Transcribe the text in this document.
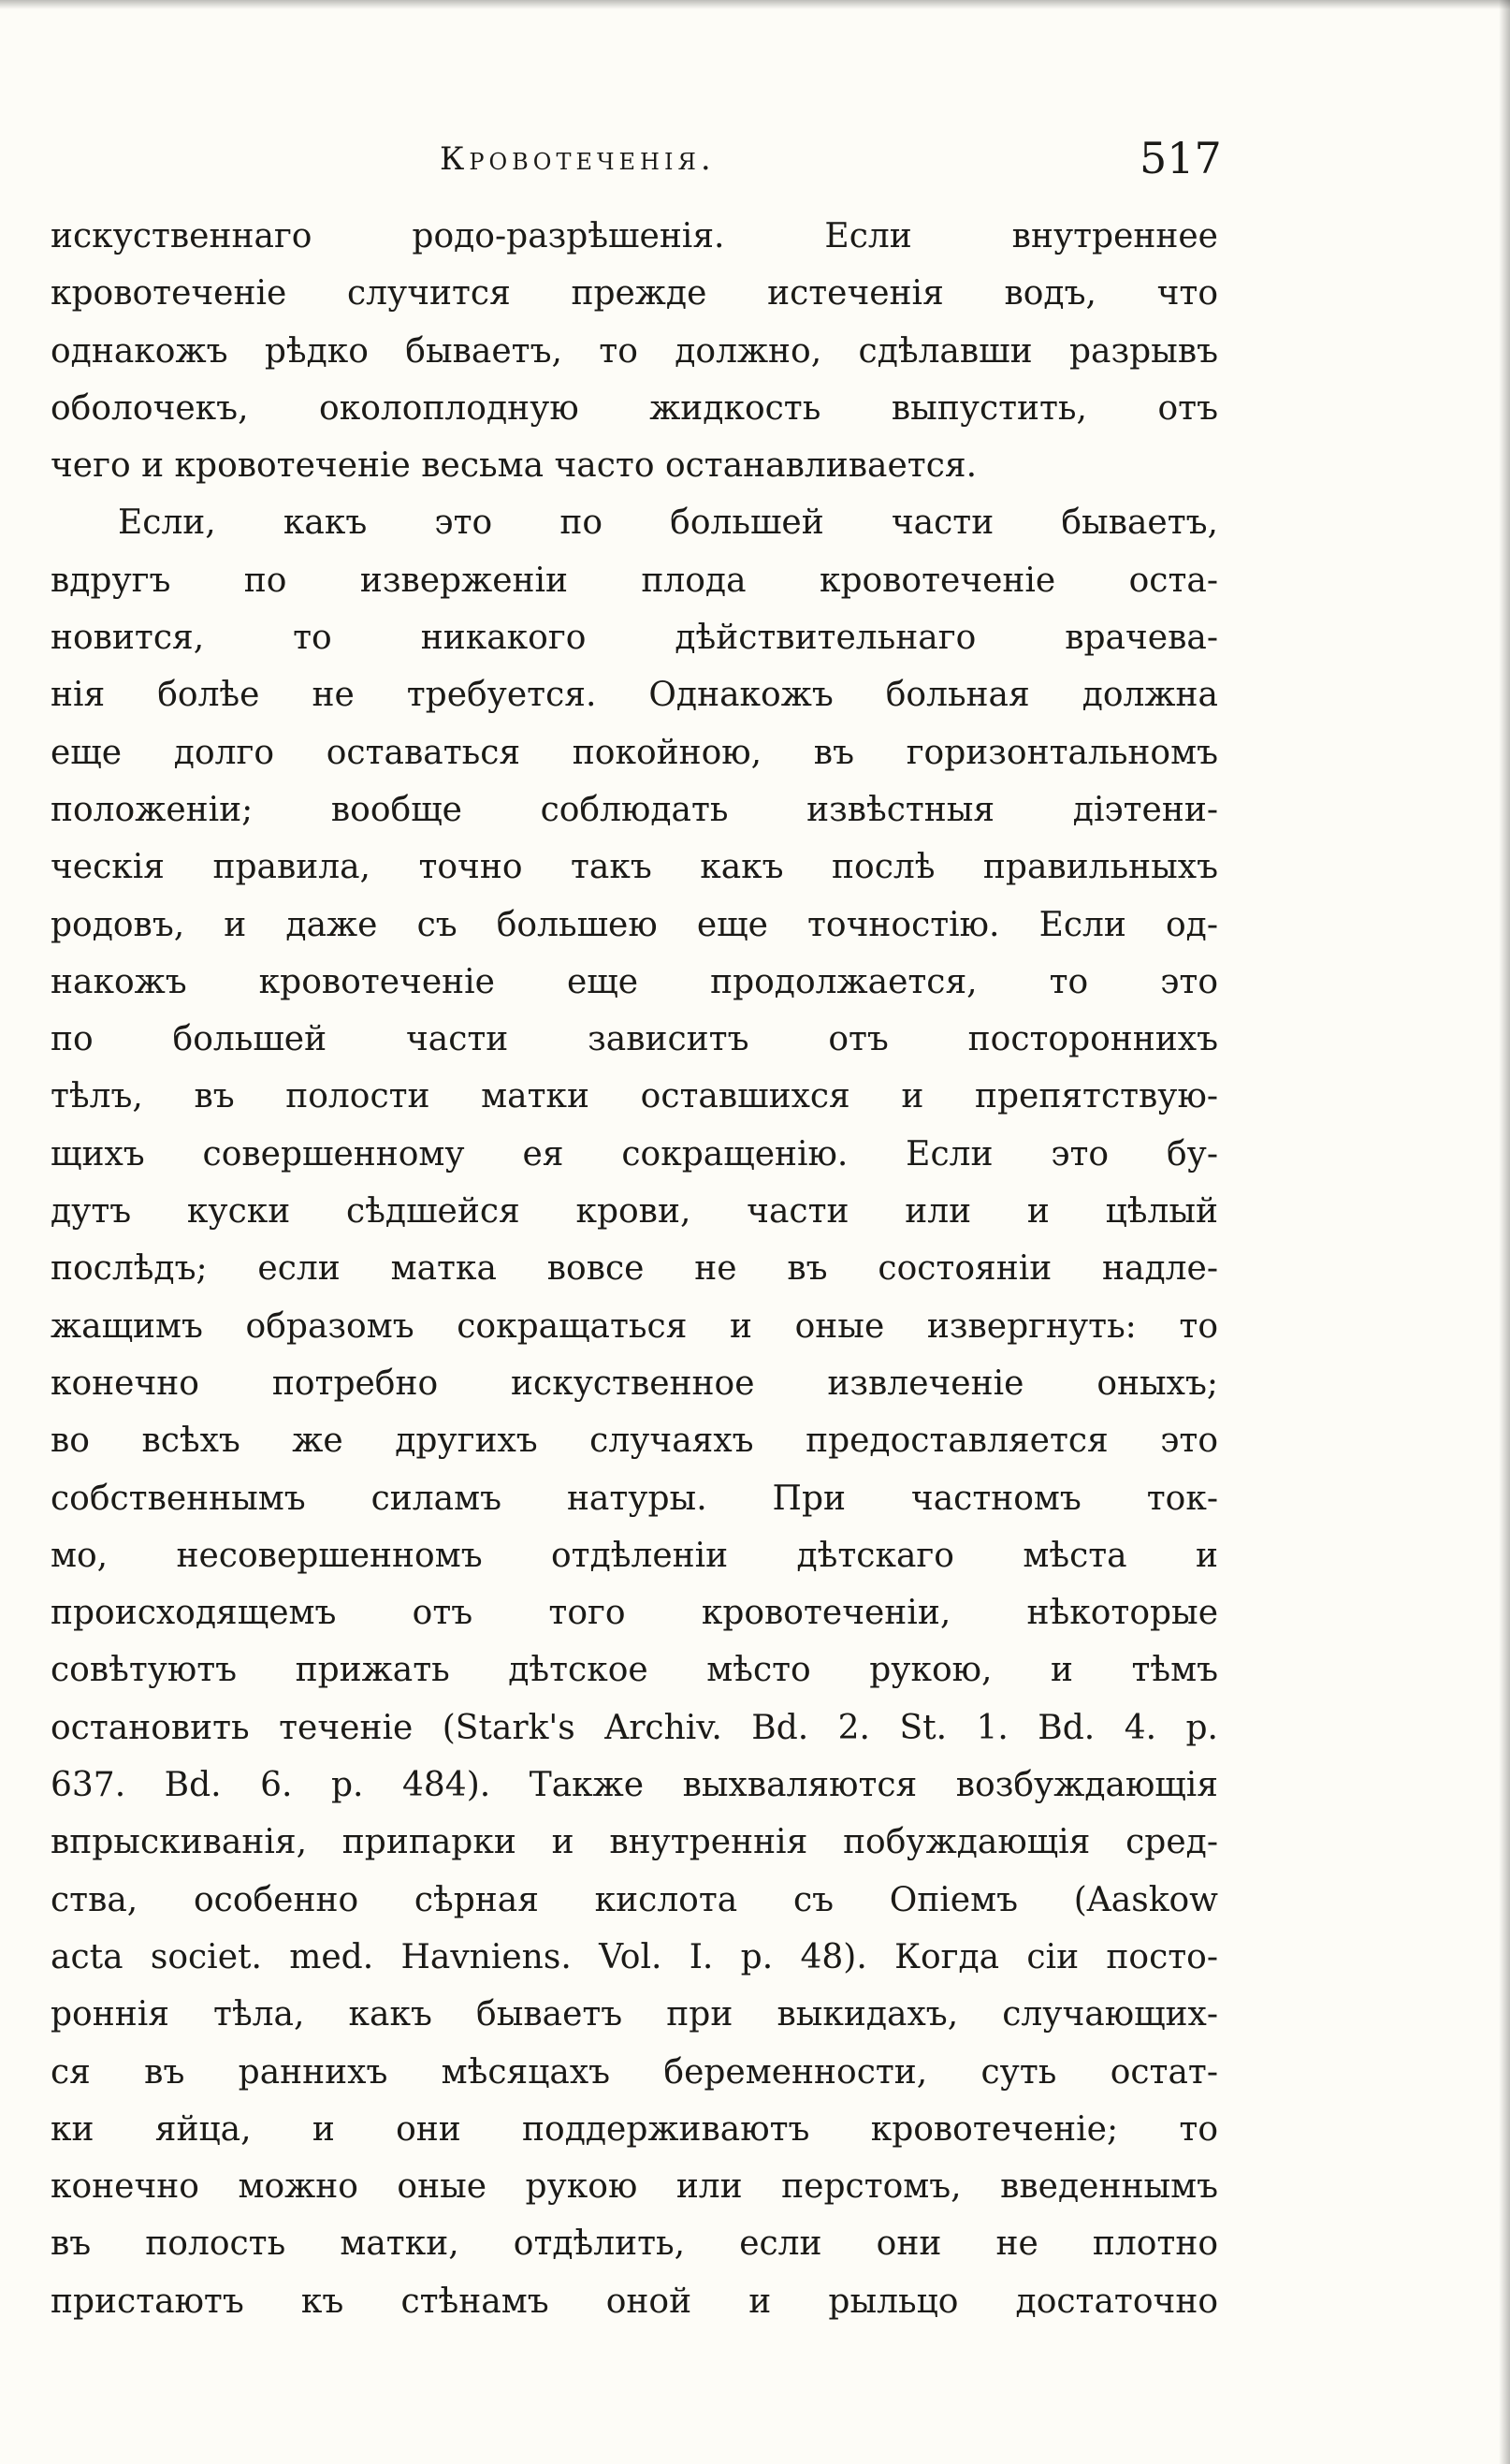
Кровотеченія.	517
искуственнаго родо-разрѣшенія. Если внутреннее
кровотеченіе случится прежде истеченія водъ, что
однакожъ рѣдко бываетъ, то должно, сдѣлавши разрывъ
оболочекъ, околоплодную жидкость выпустить, отъ
чего и кровотеченіе весьма часто останавливается.
Если, какъ это по большей части бываетъ,
вдругъ по изверженіи плода кровотеченіе оста-
новится, то никакого дѣйствительнаго врачева-
нія болѣе не требуется. Однакожъ больная должна
еще долго оставаться покойною, въ горизонтальномъ
положеніи; вообще соблюдать извѣстныя діэтени-
ческія правила, точно такъ какъ послѣ правильныхъ
родовъ, и даже съ большею еще точностію. Если од-
накожъ кровотеченіе еще продолжается, то это
по большей части зависитъ отъ постороннихъ
тѣлъ, въ полости матки оставшихся и препятствую-
щихъ совершенному ея сокращенію. Если это бу-
дутъ куски сѣдшейся крови, части или и цѣлый
послѣдъ; если матка вовсе не въ состояніи надле-
жащимъ образомъ сокращаться и оные извергнуть: то
конечно потребно искуственное извлеченіе оныхъ;
во всѣхъ же другихъ случаяхъ предоставляется это
собственнымъ силамъ натуры. При частномъ ток-
мо, несовершенномъ отдѣленіи дѣтскаго мѣста и
происходящемъ отъ того кровотеченіи, нѣкоторые
совѣтуютъ прижать дѣтское мѣсто рукою, и тѣмъ
остановить теченіе (Stark's Archiv. Bd. 2. St. 1. Bd. 4. p.
637. Bd. 6. p. 484). Также выхваляются возбуждающія
впрыскиванія, припарки и внутреннія побуждающія сред-
ства, особенно сѣрная кислота съ Опіемъ (Aaskow
acta societ. med. Havniens. Vol. I. p. 48). Когда сіи посто-
роннія тѣла, какъ бываетъ при выкидахъ, случающих-
ся въ раннихъ мѣсяцахъ беременности, суть остат-
ки яйца, и они поддерживаютъ кровотеченіе; то
конечно можно оные рукою или перстомъ, введеннымъ
въ полость матки, отдѣлить, если они не плотно
пристаютъ къ стѣнамъ оной и рыльцо достаточно
